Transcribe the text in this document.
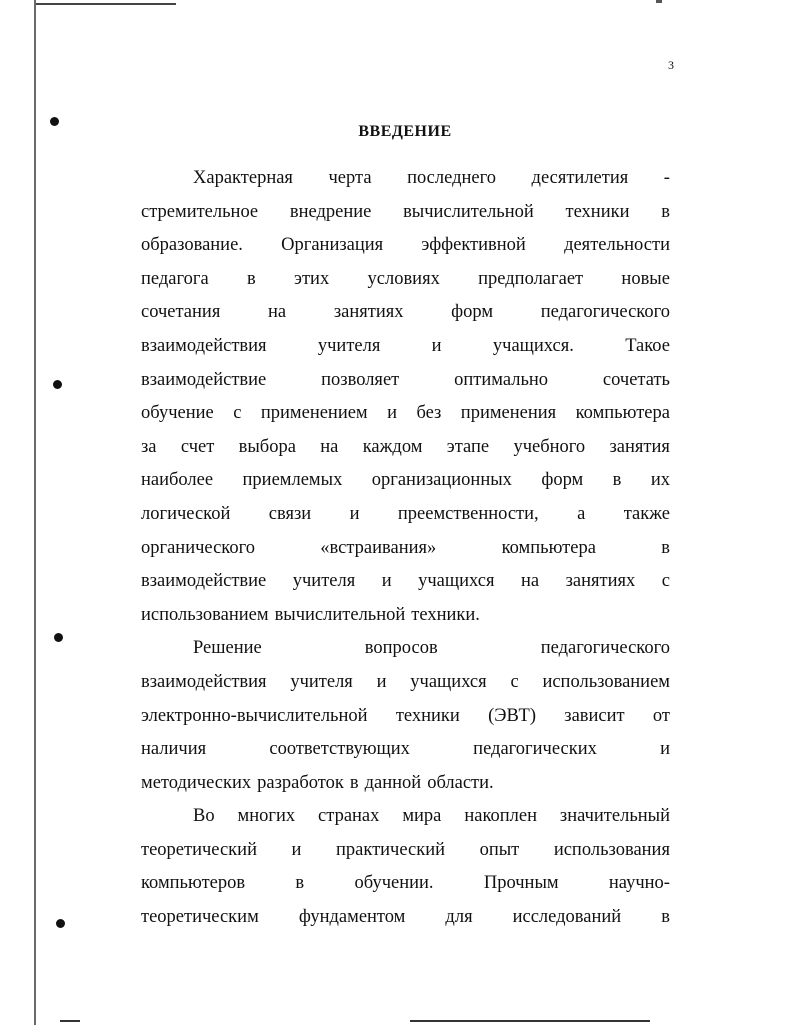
3
ВВЕДЕНИЕ
Характерная черта последнего десятилетия -
стремительное внедрение вычислительной техники в
образование. Организация эффективной деятельности
педагога в этих условиях предполагает новые
сочетания	на	занятиях	форм	педагогического
взаимодействия	учителя	и	учащихся.	Такое
взаимодействие	позволяет	оптимально	сочетать
обучение с применением и без применения компьютера
за счет выбора на каждом этапе учебного занятия
наиболее приемлемых организационных форм в их
логической связи и преемственности, а также
органического	«встраивания»	компьютера	в
взаимодействие учителя и учащихся на занятиях с
использованием вычислительной техники.
Решение	вопросов	педагогического
взаимодействия учителя и учащихся с использованием
электронно-вычислительной техники (ЭВТ) зависит от
наличия	соответствующих	педагогических	и
методических разработок в данной области.
Во многих странах мира накоплен значительный
теоретический и практический опыт использования
компьютеров	в	обучении.	Прочным	научно-
теоретическим фундаментом для исследований в
